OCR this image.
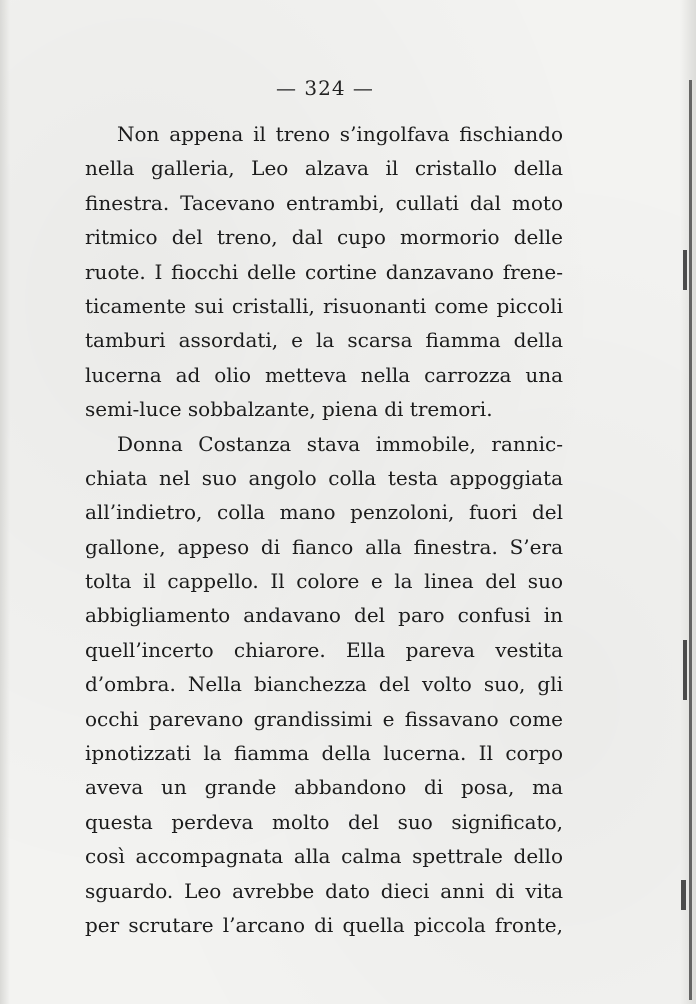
— 324 —
Non appena il treno s’ingolfava fischiando
nella galleria, Leo alzava il cristallo della
finestra. Tacevano entrambi, cullati dal moto
ritmico del treno, dal cupo mormorio delle
ruote. I fiocchi delle cortine danzavano frene-
ticamente sui cristalli, risuonanti come piccoli
tamburi assordati, e la scarsa fiamma della
lucerna ad olio metteva nella carrozza una
semi-luce sobbalzante, piena di tremori.
Donna Costanza stava immobile, rannic-
chiata nel suo angolo colla testa appoggiata
all’indietro, colla mano penzoloni, fuori del
gallone, appeso di fianco alla finestra. S’era
tolta il cappello. Il colore e la linea del suo
abbigliamento andavano del paro confusi in
quell’incerto chiarore. Ella pareva vestita
d’ombra. Nella bianchezza del volto suo, gli
occhi parevano grandissimi e fissavano come
ipnotizzati la fiamma della lucerna. Il corpo
aveva un grande abbandono di posa, ma
questa perdeva molto del suo significato,
così accompagnata alla calma spettrale dello
sguardo. Leo avrebbe dato dieci anni di vita
per scrutare l’arcano di quella piccola fronte,
